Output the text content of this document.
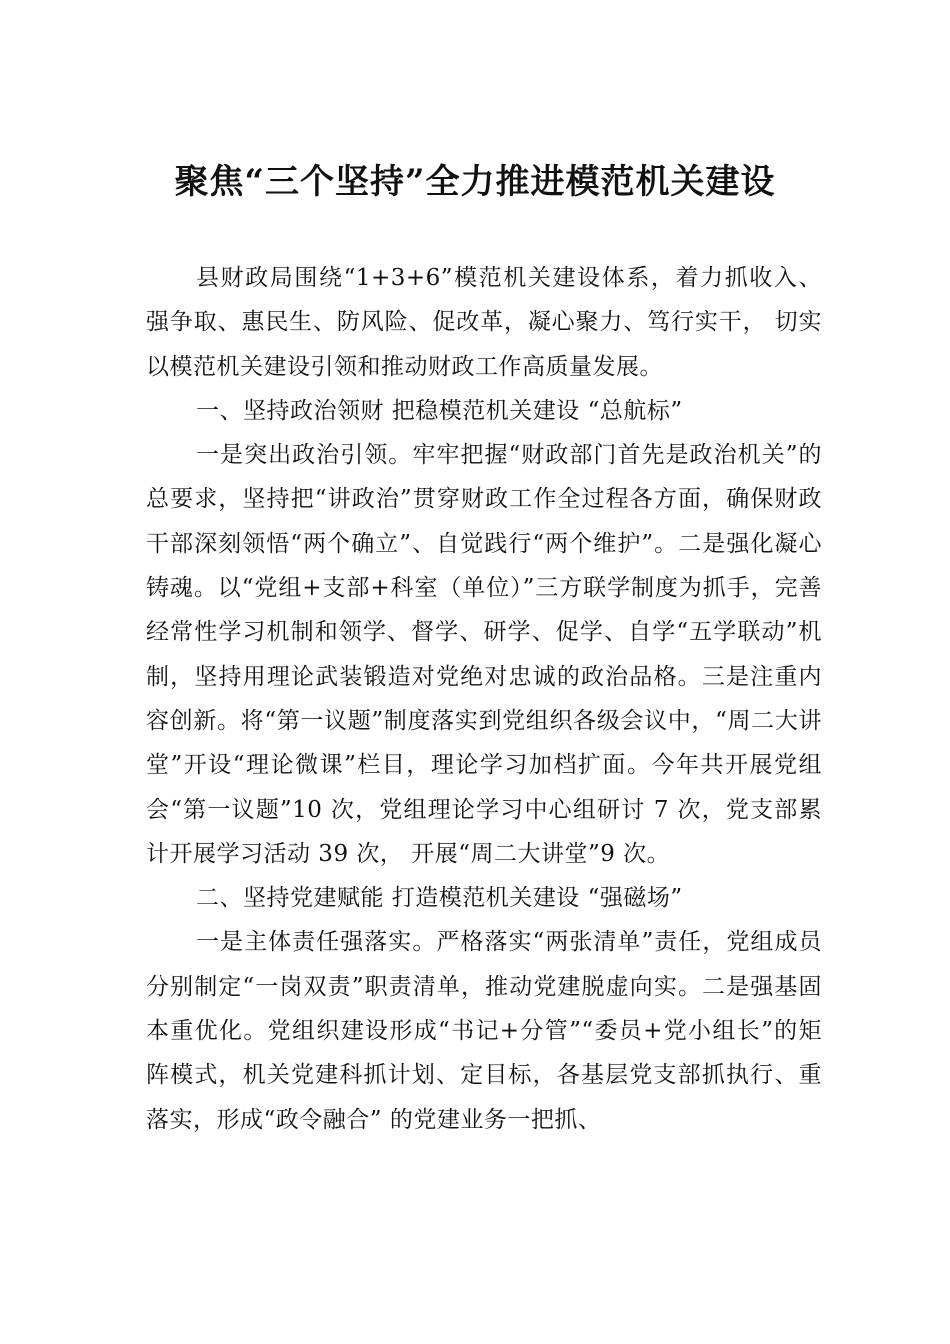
聚焦“三个坚持”全力推进模范机关建设

县财政局围绕“1+3+6”模范机关建设体系，着力抓收入、强争取、惠民生、防风险、促改革，凝心聚力、笃行实干， 切实以模范机关建设引领和推动财政工作高质量发展。

一、坚持政治领财 把稳模范机关建设 “总航标”

一是突出政治引领。牢牢把握“财政部门首先是政治机关”的总要求，坚持把“讲政治”贯穿财政工作全过程各方面，确保财政干部深刻领悟“两个确立”、自觉践行“两个维护”。二是强化凝心铸魂。以“党组+支部+科室（单位）”三方联学制度为抓手，完善经常性学习机制和领学、督学、研学、促学、自学“五学联动”机制，坚持用理论武装锻造对党绝对忠诚的政治品格。三是注重内容创新。将“第一议题”制度落实到党组织各级会议中，“周二大讲堂”开设“理论微课”栏目，理论学习加档扩面。今年共开展党组会“第一议题”10 次，党组理论学习中心组研讨 7 次，党支部累计开展学习活动 39 次， 开展“周二大讲堂”9 次。

二、坚持党建赋能 打造模范机关建设 “强磁场”

一是主体责任强落实。严格落实“两张清单”责任，党组成员分别制定“一岗双责”职责清单，推动党建脱虚向实。二是强基固本重优化。党组织建设形成“书记+分管”“委员+党小组长”的矩阵模式，机关党建科抓计划、定目标，各基层党支部抓执行、重落实，形成“政令融合” 的党建业务一把抓、
